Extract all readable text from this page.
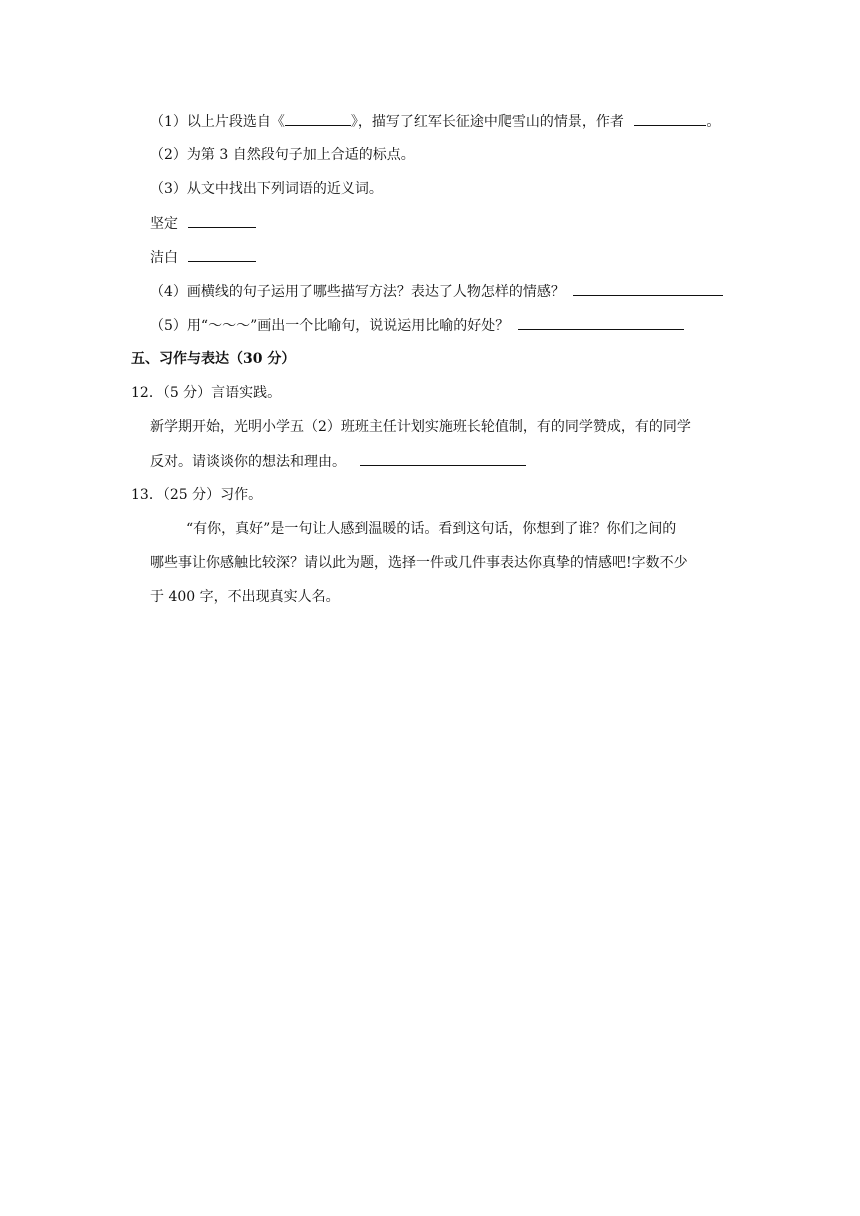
（1）以上片段选自《	》，描写了红军长征途中爬雪山的情景，作者	。
（2）为第 3 自然段句子加上合适的标点。
（3）从文中找出下列词语的近义词。
坚定
洁白
（4）画横线的句子运用了哪些描写方法？表达了人物怎样的情感？
（5）用“～～～”画出一个比喻句，说说运用比喻的好处？
五、习作与表达（30 分）
12．（5 分）言语实践。
新学期开始，光明小学五（2）班班主任计划实施班长轮值制，有的同学赞成，有的同学
反对。请谈谈你的想法和理由。
13．（25 分）习作。
“有你，真好”是一句让人感到温暖的话。看到这句话，你想到了谁？你们之间的
哪些事让你感触比较深？请以此为题，选择一件或几件事表达你真挚的情感吧!字数不少
于 400 字，不出现真实人名。
